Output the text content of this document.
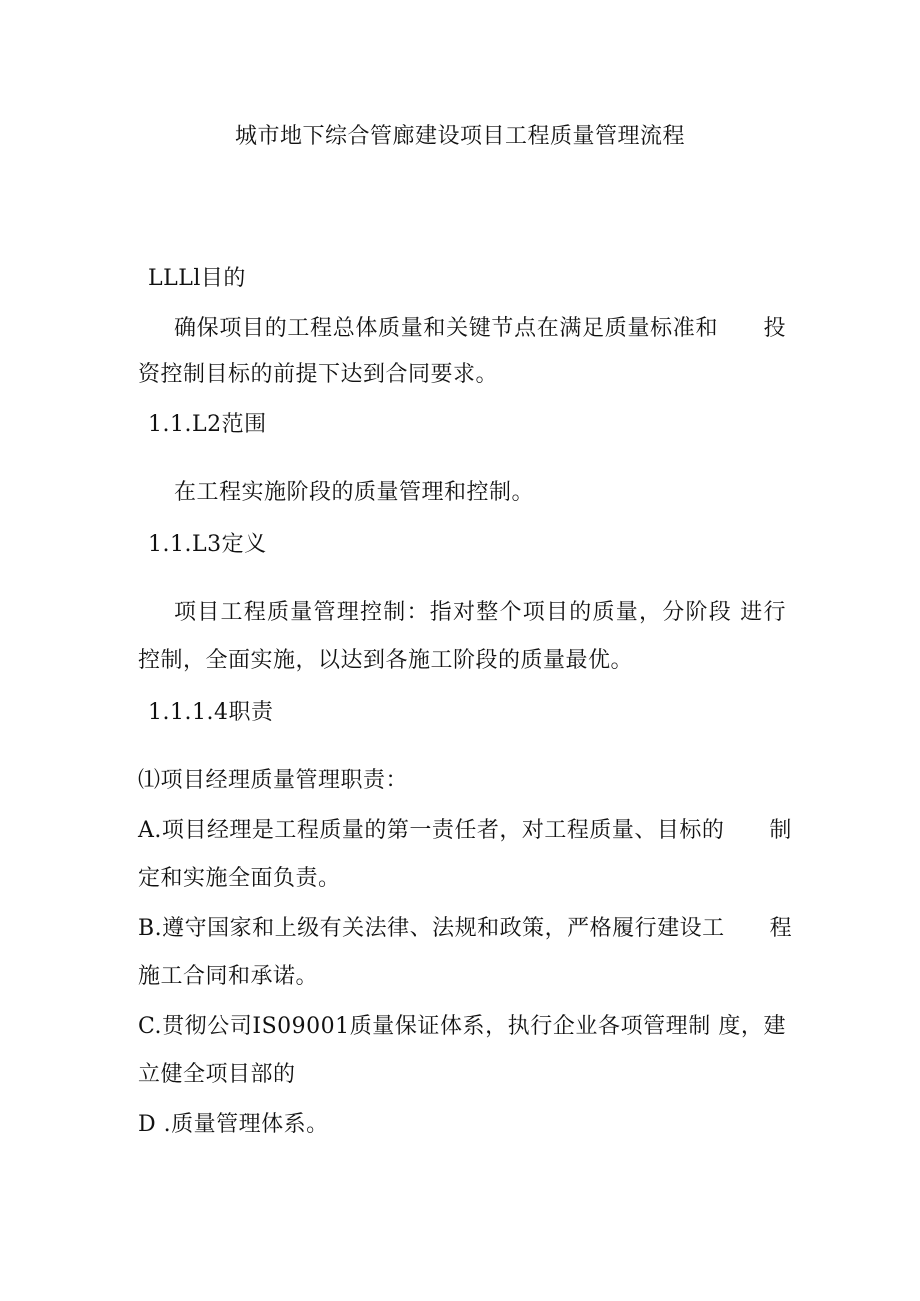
城市地下综合管廊建设项目工程质量管理流程
LLLl目的
确保项目的工程总体质量和关键节点在满足质量标准和　　投
资控制目标的前提下达到合同要求。
1.1.L2范围
在工程实施阶段的质量管理和控制。
1.1.L3定义
项目工程质量管理控制：指对整个项目的质量，分阶段 进行
控制，全面实施，以达到各施工阶段的质量最优。
1.1.1.4职责
⑴项目经理质量管理职责：
A.项目经理是工程质量的第一责任者，对工程质量、目标的　　制
定和实施全面负责。
B.遵守国家和上级有关法律、法规和政策，严格履行建设工　　程
施工合同和承诺。
C.贯彻公司IS09001质量保证体系，执行企业各项管理制 度，建
立健全项目部的
D .质量管理体系。
